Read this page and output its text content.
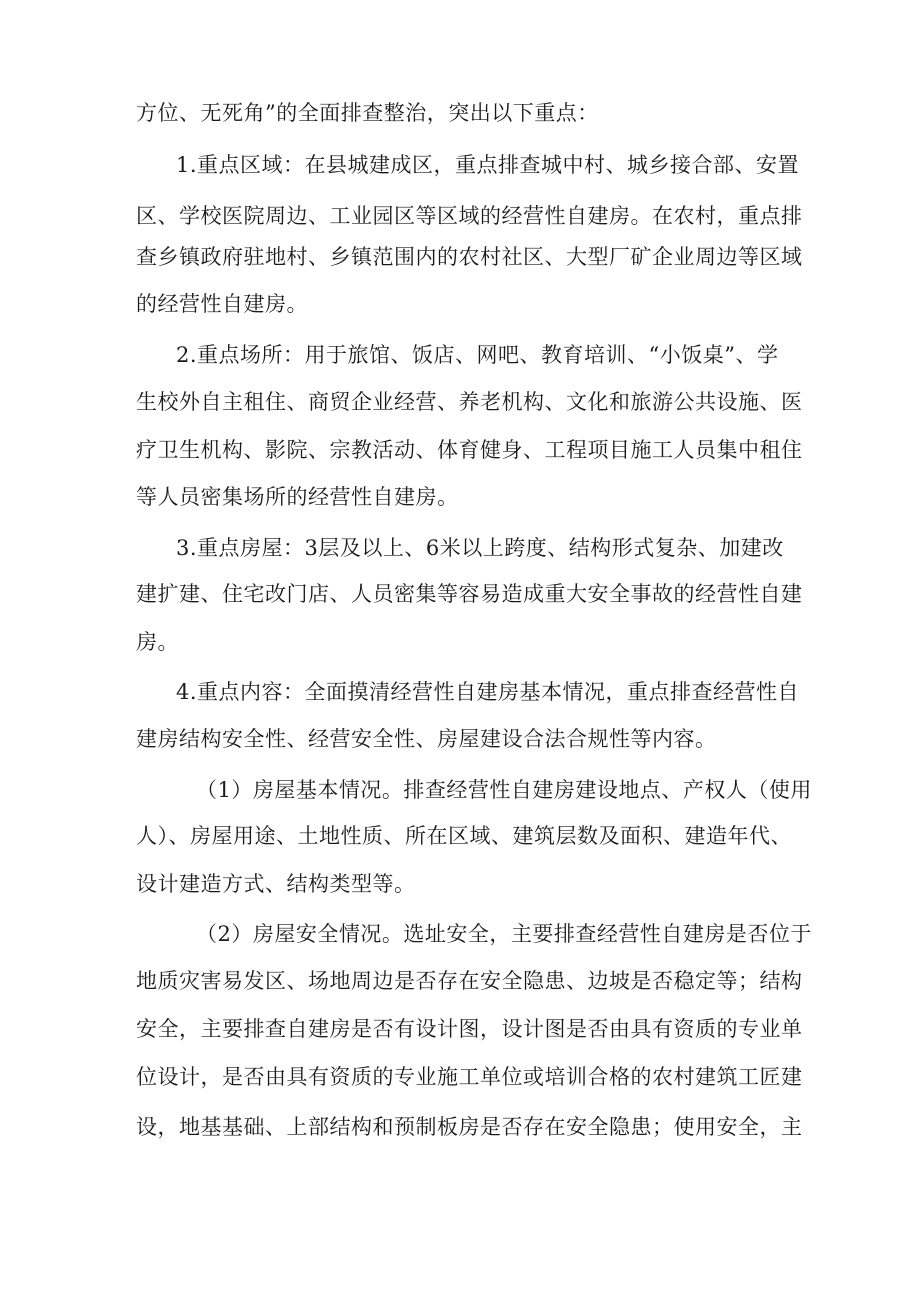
方位、无死角”的全面排查整治，突出以下重点：
1.重点区域：在县城建成区，重点排查城中村、城乡接合部、安置
区、学校医院周边、工业园区等区域的经营性自建房。在农村，重点排
查乡镇政府驻地村、乡镇范围内的农村社区、大型厂矿企业周边等区域
的经营性自建房。
2.重点场所：用于旅馆、饭店、网吧、教育培训、“小饭桌”、学
生校外自主租住、商贸企业经营、养老机构、文化和旅游公共设施、医
疗卫生机构、影院、宗教活动、体育健身、工程项目施工人员集中租住
等人员密集场所的经营性自建房。
3.重点房屋：3层及以上、6米以上跨度、结构形式复杂、加建改
建扩建、住宅改门店、人员密集等容易造成重大安全事故的经营性自建
房。
4.重点内容：全面摸清经营性自建房基本情况，重点排查经营性自
建房结构安全性、经营安全性、房屋建设合法合规性等内容。
（1）房屋基本情况。排查经营性自建房建设地点、产权人（使用
人）、房屋用途、土地性质、所在区域、建筑层数及面积、建造年代、
设计建造方式、结构类型等。
（2）房屋安全情况。选址安全，主要排查经营性自建房是否位于
地质灾害易发区、场地周边是否存在安全隐患、边坡是否稳定等；结构
安全，主要排查自建房是否有设计图，设计图是否由具有资质的专业单
位设计，是否由具有资质的专业施工单位或培训合格的农村建筑工匠建
设，地基基础、上部结构和预制板房是否存在安全隐患；使用安全，主
